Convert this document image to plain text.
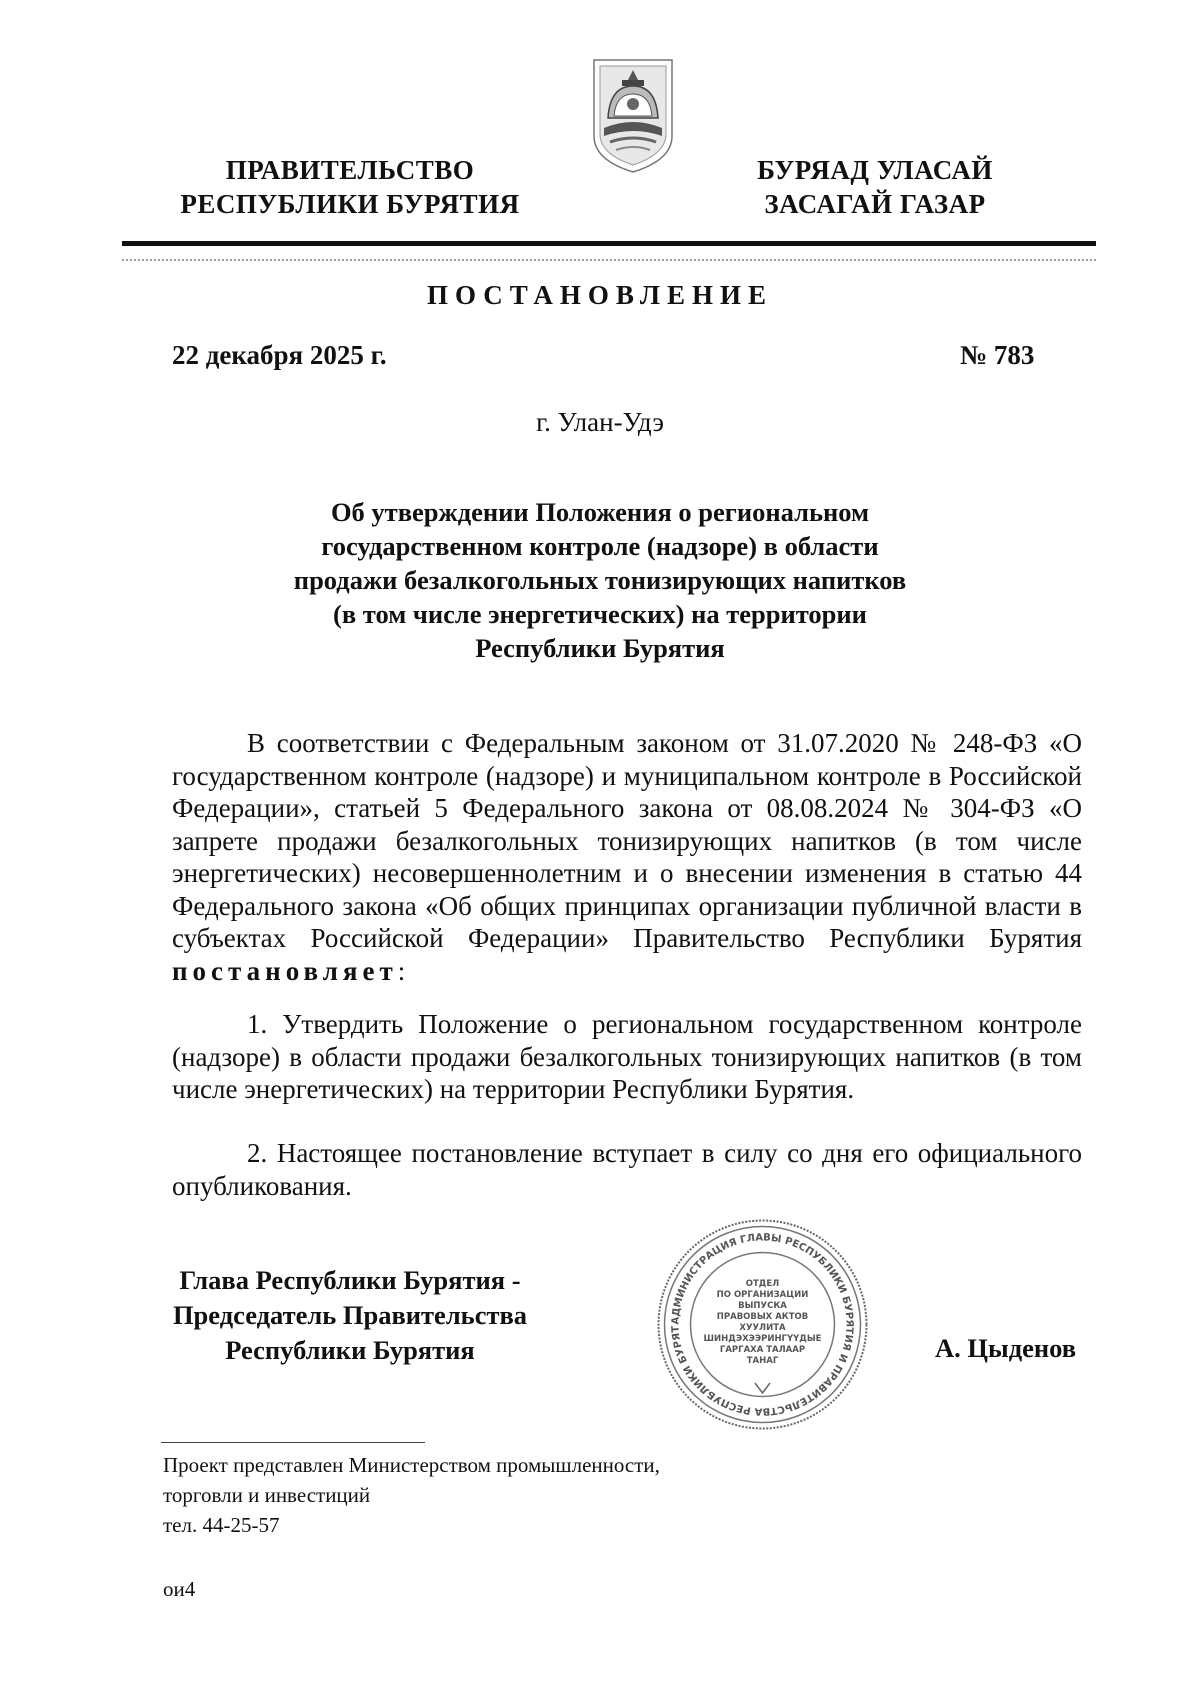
ПРАВИТЕЛЬСТВО
РЕСПУБЛИКИ БУРЯТИЯ
БУРЯАД УЛАСАЙ
ЗАСАГАЙ ГАЗАР
ПОСТАНОВЛЕНИЕ
22 декабря 2025 г.	№ 783
г. Улан-Удэ
Об утверждении Положения о региональном
государственном контроле (надзоре) в области
продажи безалкогольных тонизирующих напитков
(в том числе энергетических) на территории
Республики Бурятия

В соответствии с Федеральным законом от 31.07.2020 № 248-ФЗ «О государственном контроле (надзоре) и муниципальном контроле в Российской Федерации», статьей 5 Федерального закона от 08.08.2024 № 304-ФЗ «О запрете продажи безалкогольных тонизирующих напитков (в том числе энергетических) несовершеннолетним и о внесении изменения в статью 44 Федерального закона «Об общих принципах организации публичной власти в субъектах Российской Федерации» Правительство Республики Бурятия постановляет:

1. Утвердить Положение о региональном государственном контроле (надзоре) в области продажи безалкогольных тонизирующих напитков (в том числе энергетических) на территории Республики Бурятия.

2. Настоящее постановление вступает в силу со дня его официального опубликования.

Глава Республики Бурятия -
Председатель Правительства
Республики Бурятия
АДМИНИСТРАЦИЯ ГЛАВЫ РЕСПУБЛИКИ БУРЯТИЯ И ПРАВИТЕЛЬСТВА РЕСПУБЛИКИ БУРЯТ
ОТДЕЛ
ПО ОРГАНИЗАЦИИ
ВЫПУСКА
ПРАВОВЫХ АКТОВ
ХУУЛИТА
ШИНДЭХЭЭРИНГҮҮДЫЕ
ГАРГАХА ТАЛААР
ТАНАГ	А. Цыденов
Проект представлен Министерством промышленности,
торговли и инвестиций
тел. 44-25-57
ои4
